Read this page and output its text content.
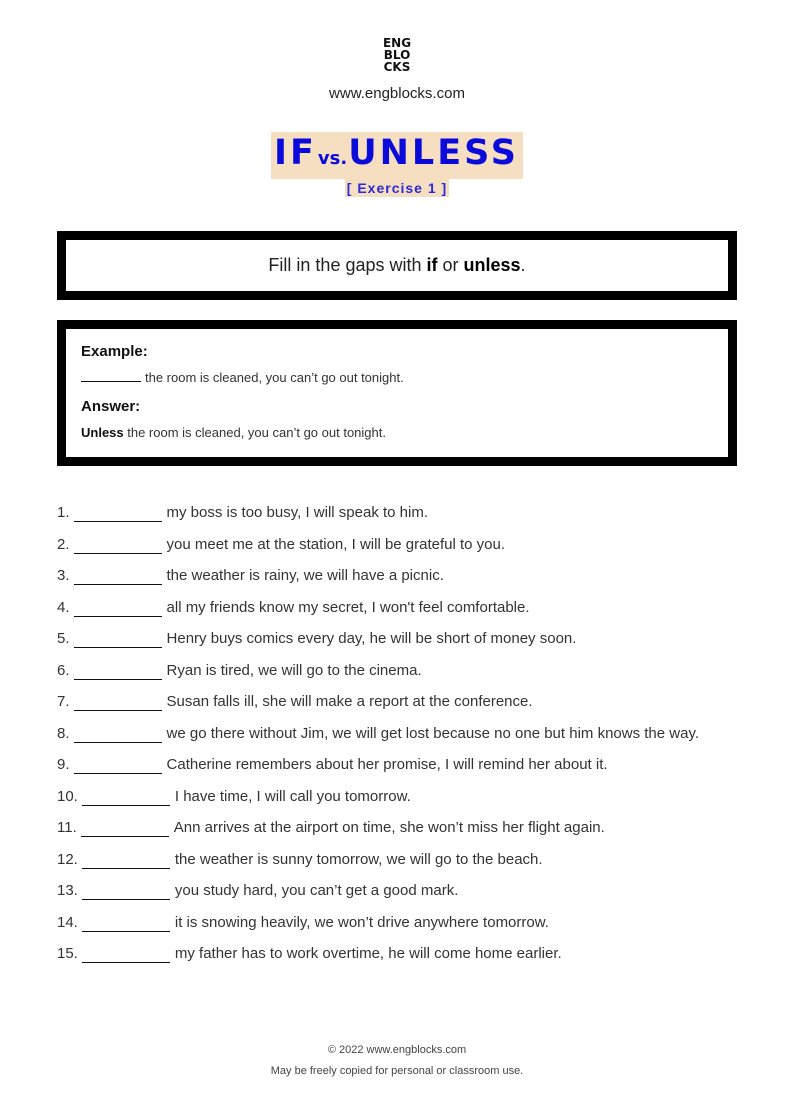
ENG
BLO
CKS
www.engblocks.com
IFvs.UNLESS
[ Exercise 1 ]
Fill in the gaps with if or unless.

Example:

the room is cleaned, you can’t go out tonight.

Answer:

Unless the room is cleaned, you can’t go out tonight.

1.	my boss is too busy, I will speak to him.
2.	you meet me at the station, I will be grateful to you.
3.	the weather is rainy, we will have a picnic.
4.	all my friends know my secret, I won't feel comfortable.
5.	Henry buys comics every day, he will be short of money soon.
6.	Ryan is tired, we will go to the cinema.
7.	Susan falls ill, she will make a report at the conference.
8.	we go there without Jim, we will get lost because no one but him knows the way.
9.	Catherine remembers about her promise, I will remind her about it.
10.	I have time, I will call you tomorrow.
11.	Ann arrives at the airport on time, she won’t miss her flight again.
12.	the weather is sunny tomorrow, we will go to the beach.
13.	you study hard, you can’t get a good mark.
14.	it is snowing heavily, we won’t drive anywhere tomorrow.
15.	my father has to work overtime, he will come home earlier.
© 2022 www.engblocks.com
May be freely copied for personal or classroom use.
